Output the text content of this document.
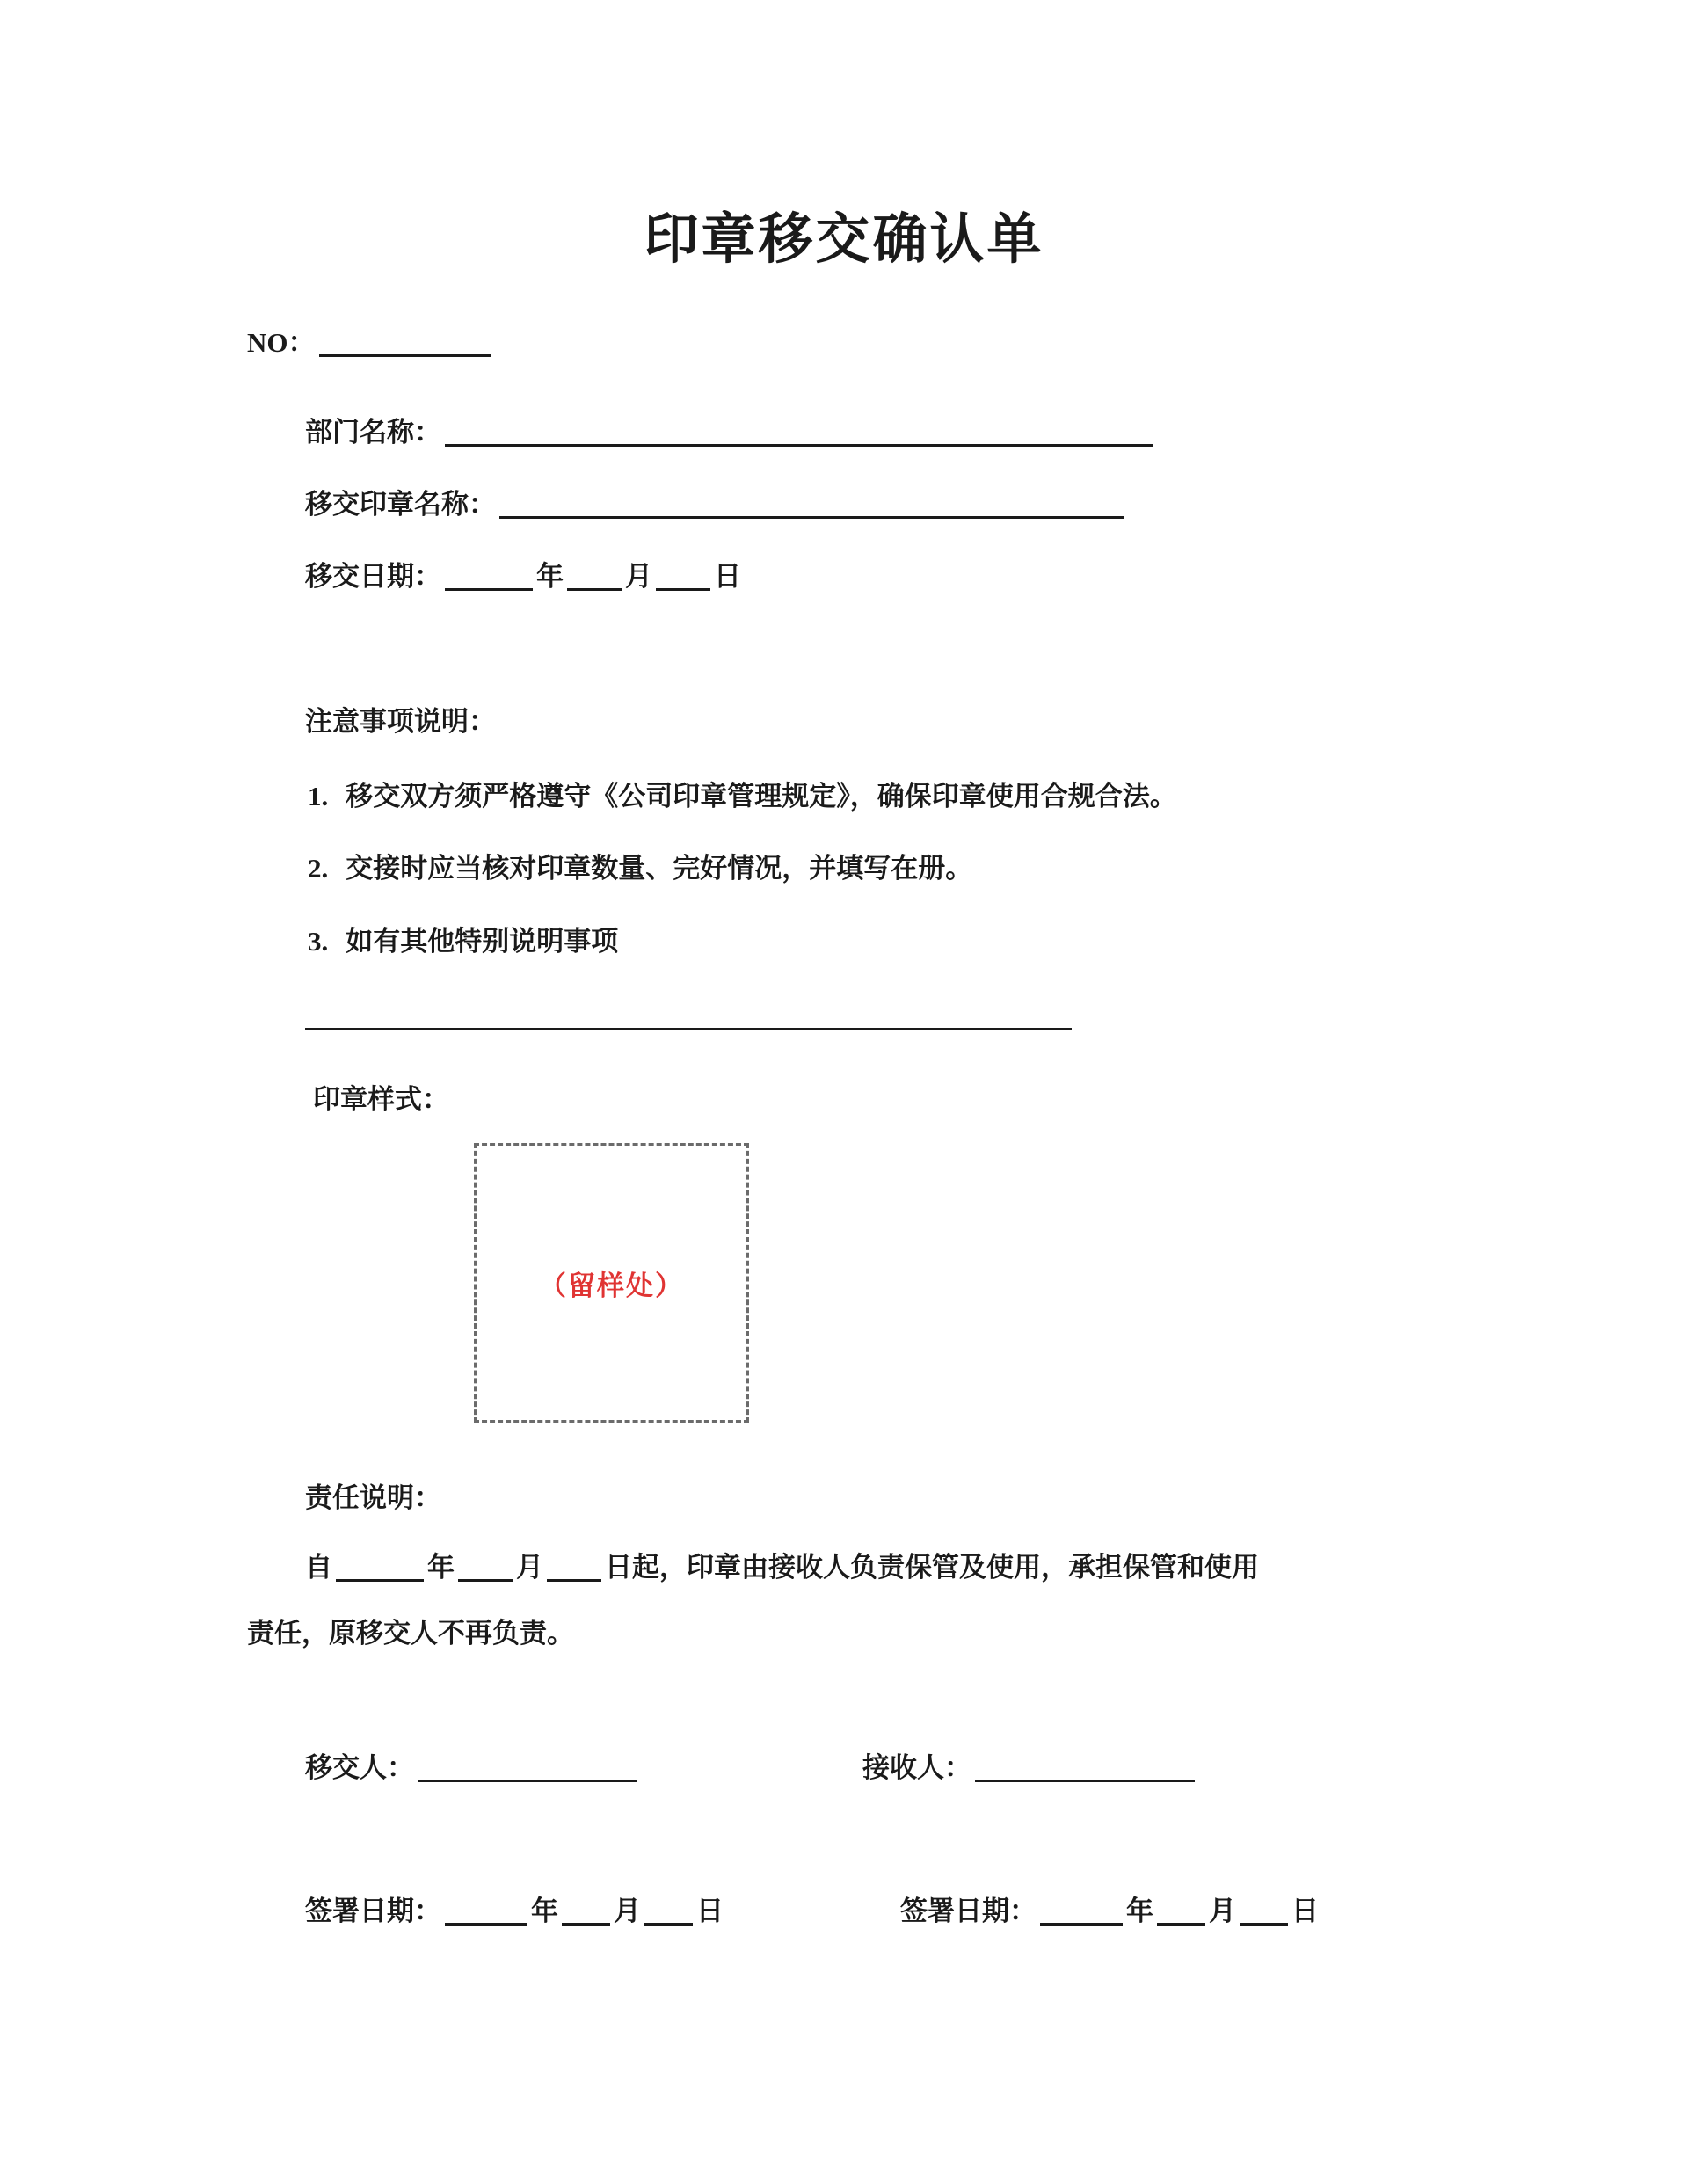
印章移交确认单
NO：
部门名称：
移交印章名称：
移交日期：	年 月 日
注意事项说明：
1. 移交双方须严格遵守《公司印章管理规定》，确保印章使用合规合法。
2. 交接时应当核对印章数量、完好情况，并填写在册。
3. 如有其他特别说明事项
印章样式：
（留样处）
责任说明：
自	年 月 日起，印章由接收人负责保管及使用，承担保管和使用
责任，原移交人不再负责。
移交人：	接收人：
签署日期：	年 月 日	签署日期：	年 月 日
